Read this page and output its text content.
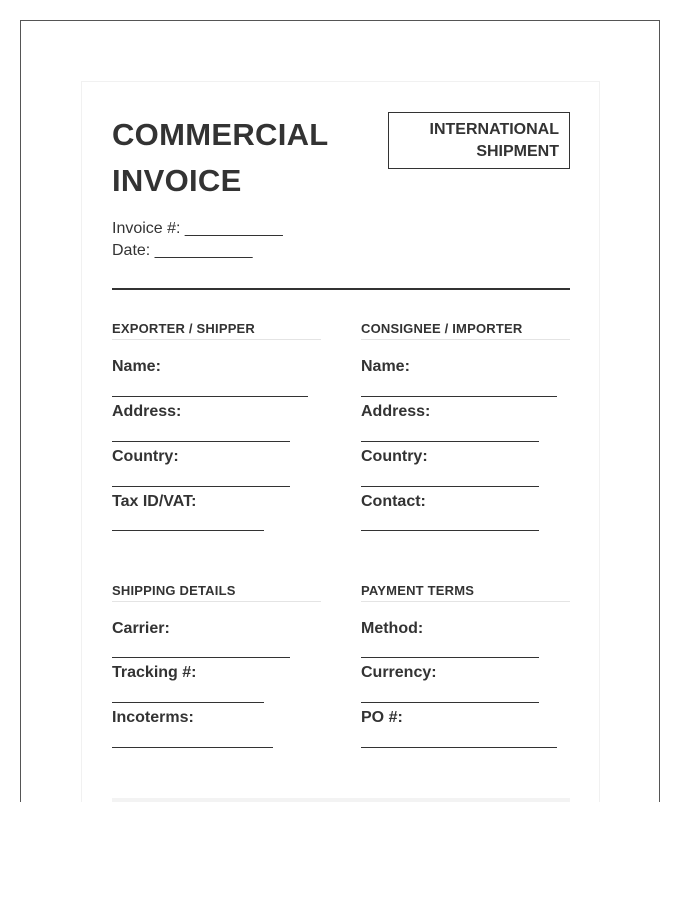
COMMERCIAL
INVOICE
INTERNATIONAL
SHIPMENT
Invoice #: ___________
Date: ___________
EXPORTER / SHIPPER
Name:
Address:
Country:
Tax ID/VAT:
CONSIGNEE / IMPORTER
Name:
Address:
Country:
Contact:
SHIPPING DETAILS
Carrier:
Tracking #:
Incoterms:
PAYMENT TERMS
Method:
Currency:
PO #:
